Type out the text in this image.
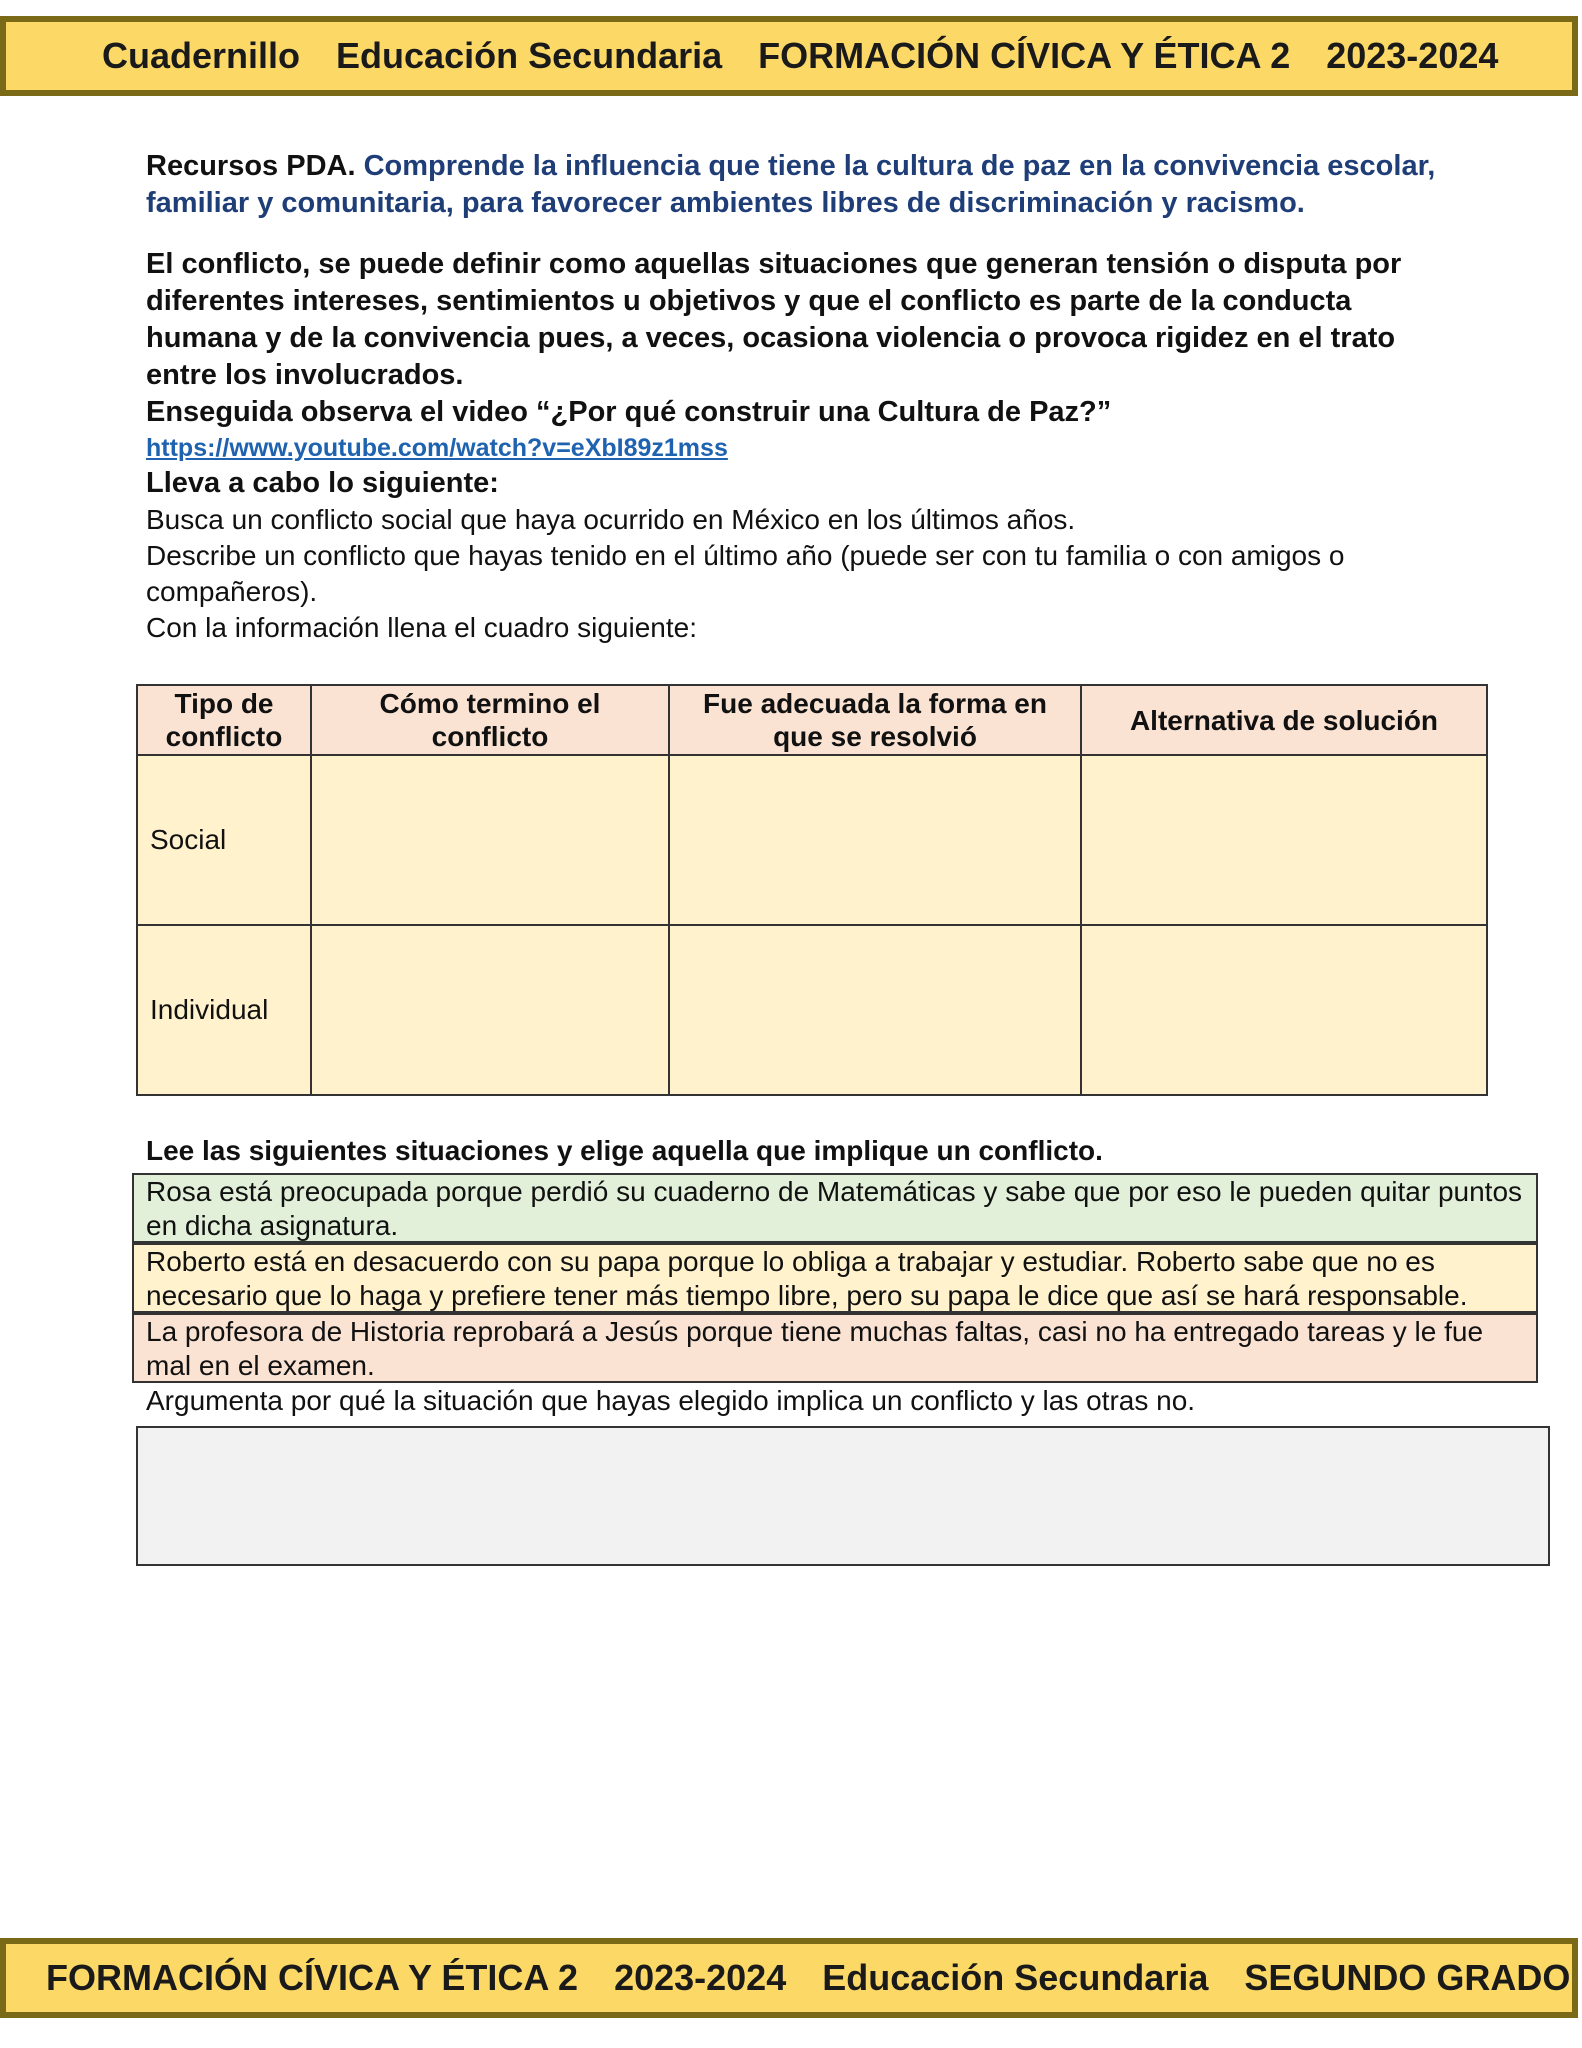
Cuadernillo Educación Secundaria FORMACIÓN CÍVICA Y ÉTICA 2 2023-2024

Recursos PDA. Comprende la influencia que tiene la cultura de paz en la convivencia escolar, familiar y comunitaria, para favorecer ambientes libres de discriminación y racismo.

El conflicto, se puede definir como aquellas situaciones que generan tensión o disputa por diferentes intereses, sentimientos u objetivos y que el conflicto es parte de la conducta humana y de la convivencia pues, a veces, ocasiona violencia o provoca rigidez en el trato entre los involucrados.

Enseguida observa el video “¿Por qué construir una Cultura de Paz?”

https://www.youtube.com/watch?v=eXbI89z1mss

Lleva a cabo lo siguiente:

Busca un conflicto social que haya ocurrido en México en los últimos años.

Describe un conflicto que hayas tenido en el último año (puede ser con tu familia o con amigos o compañeros).

Con la información llena el cuadro siguiente:

Tipo de conflicto	Cómo termino el conflicto	Fue adecuada la forma en que se resolvió	Alternativa de solución
Social			
Individual			
Lee las siguientes situaciones y elige aquella que implique un conflicto.
Rosa está preocupada porque perdió su cuaderno de Matemáticas y sabe que por eso le pueden quitar puntos en dicha asignatura.
Roberto está en desacuerdo con su papa porque lo obliga a trabajar y estudiar. Roberto sabe que no es necesario que lo haga y prefiere tener más tiempo libre, pero su papa le dice que así se hará responsable.
La profesora de Historia reprobará a Jesús porque tiene muchas faltas, casi no ha entregado tareas y le fue mal en el examen.
Argumenta por qué la situación que hayas elegido implica un conflicto y las otras no.
FORMACIÓN CÍVICA Y ÉTICA 2 2023-2024 Educación Secundaria SEGUNDO GRADO
